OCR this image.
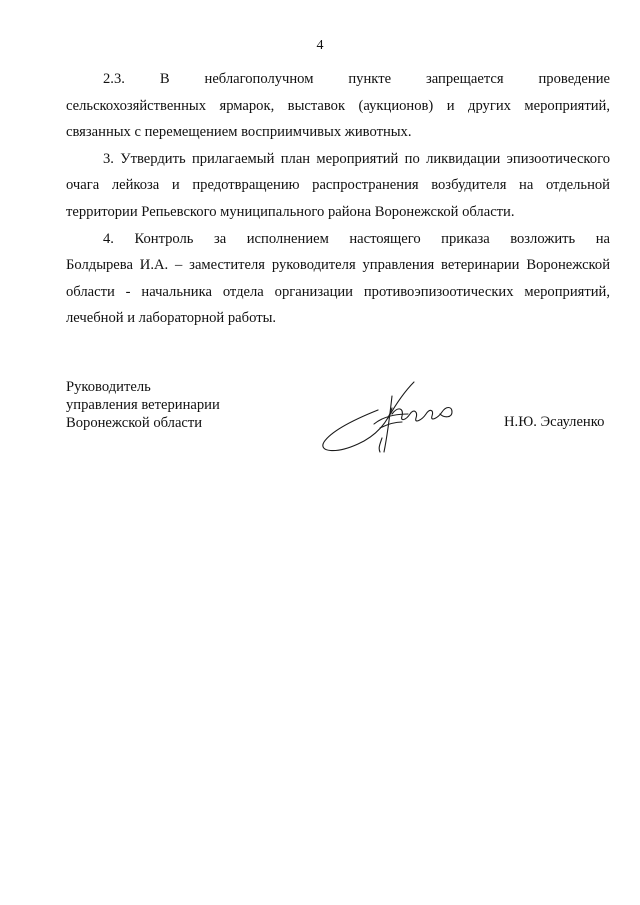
4
2.3. В неблагополучном пункте запрещается проведение
сельскохозяйственных ярмарок, выставок (аукционов) и других мероприятий,
связанных с перемещением восприимчивых животных.
3. Утвердить прилагаемый план мероприятий по ликвидации эпизоотического
очага лейкоза и предотвращению распространения возбудителя на отдельной
территории Репьевского муниципального района Воронежской области.
4. Контроль за исполнением настоящего приказа возложить на
Болдырева И.А. – заместителя руководителя управления ветеринарии Воронежской
области - начальника отдела организации противоэпизоотических мероприятий,
лечебной и лабораторной работы.
Руководитель
управления ветеринарии
Воронежской области	Н.Ю. Эсауленко
